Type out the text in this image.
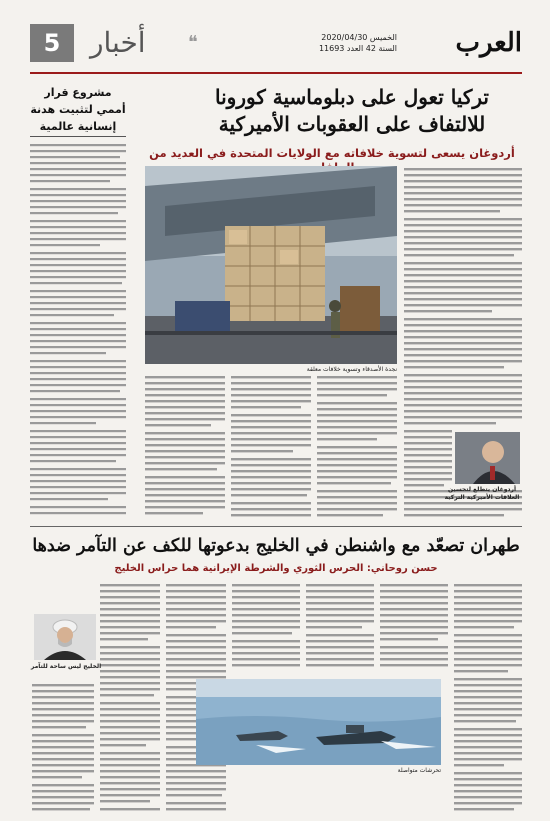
العرب
الخميس 2020/04/30
السنة 42 العدد 11693
أخبار ❝
5
تركيا تعول على دبلوماسية كورونا
للالتفاف على العقوبات الأميركية
أردوغان يسعى لتسوية خلافاته مع الولايات المتحدة في العديد من
مشروع قرار أممي لتثبيت هدنة إنسانية عالمية
نجدة الأصدقاء وتسوية خلافات معلقة
أردوغان يتطلع لتحسين العلاقات الأميركية التركية
طهران تصعّد مع واشنطن في الخليج بدعوتها للكف عن التآمر ضدها
حسن روحاني: الحرس الثوري والشرطة الإيرانية هما حراس الخليج
تحرشات متواصلة
الخليج ليس ساحة للتآمر
